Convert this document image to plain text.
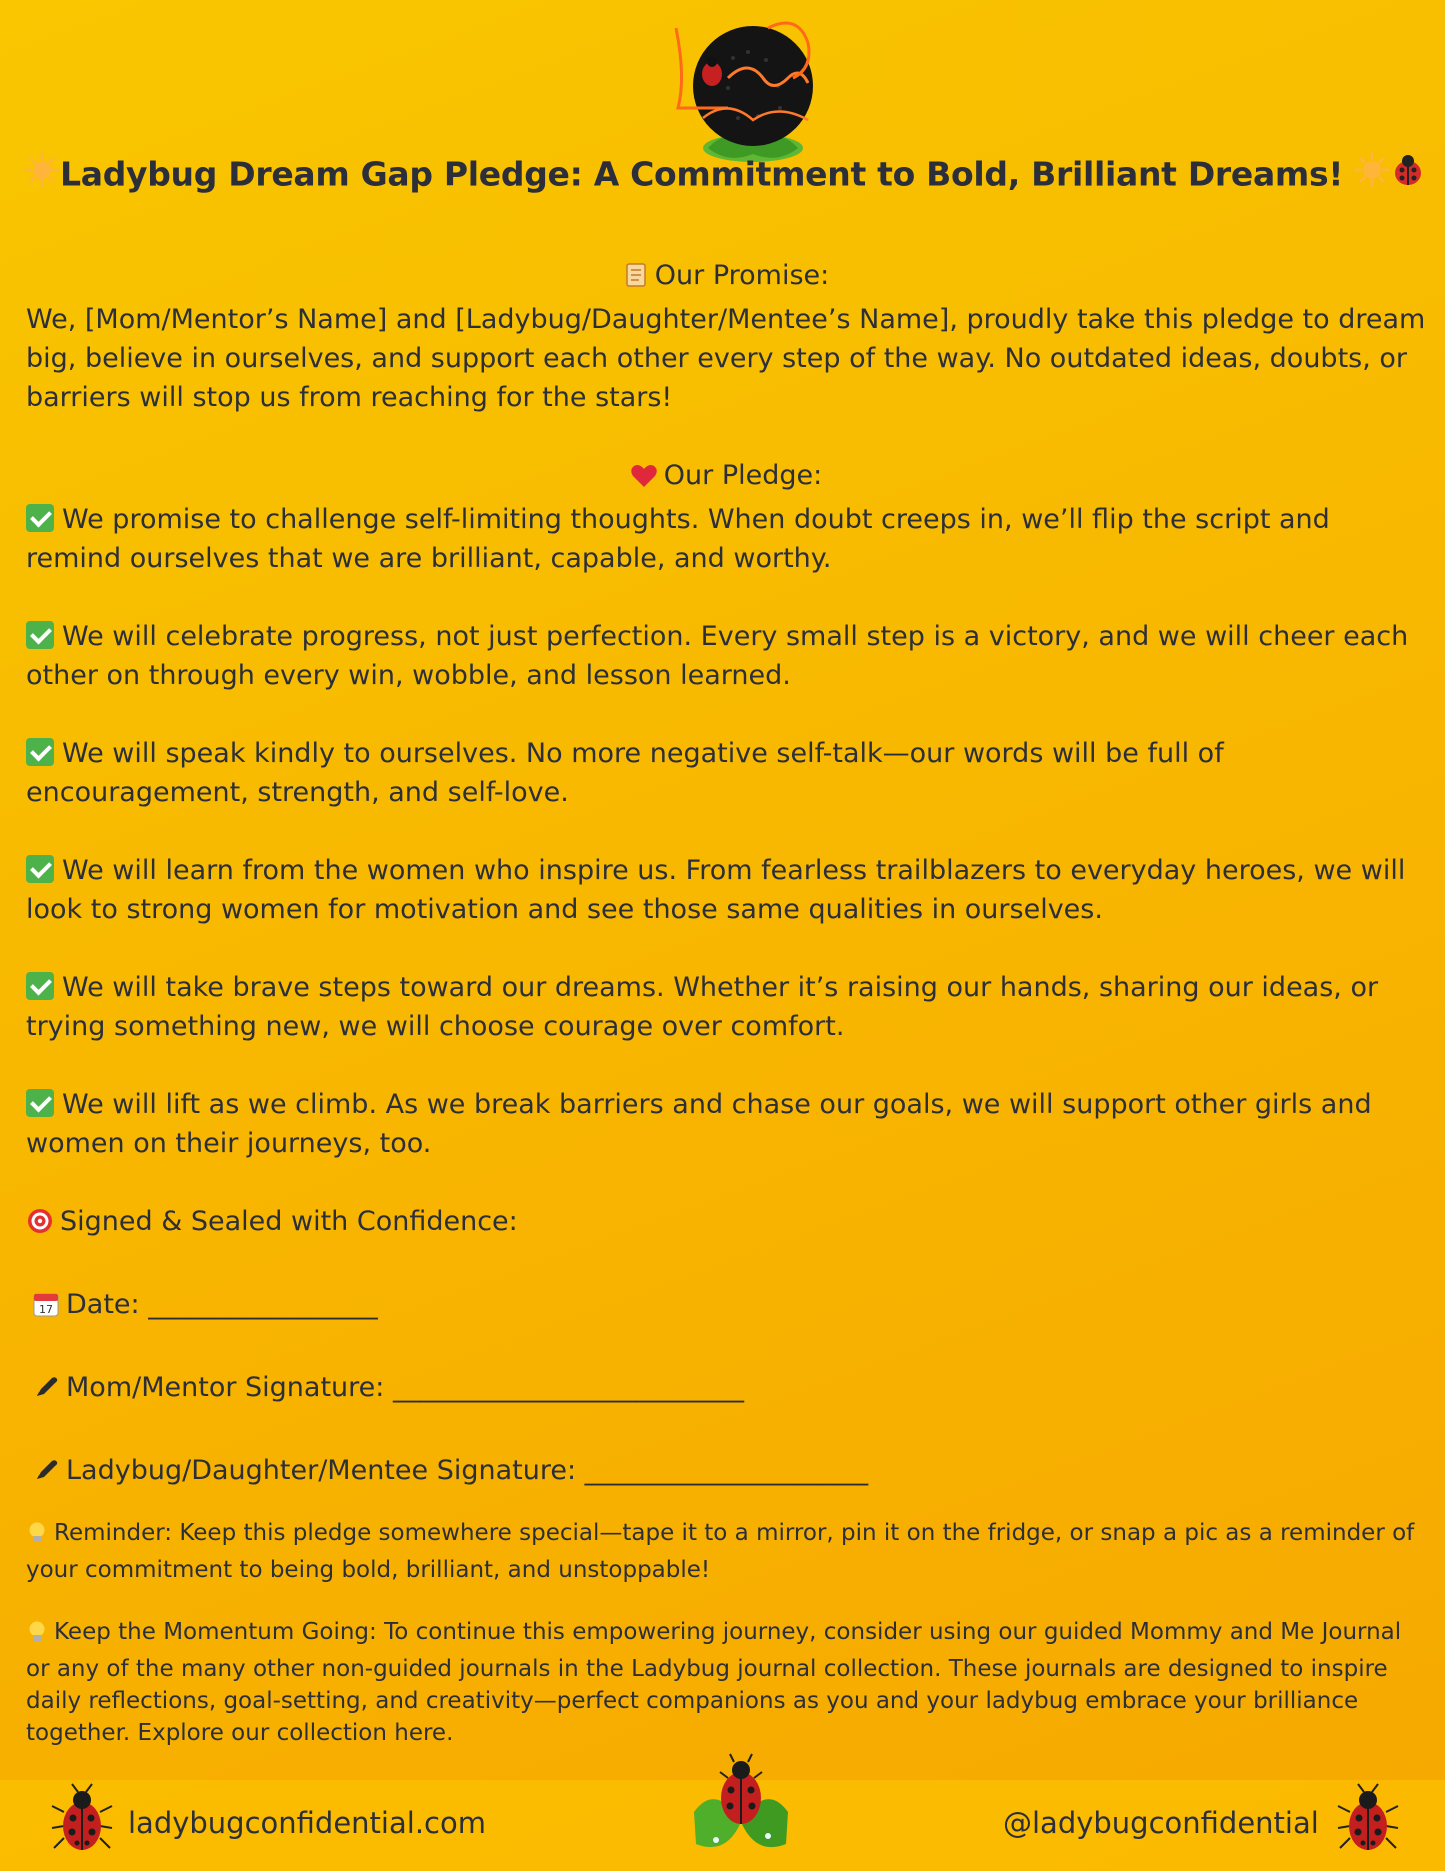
Ladybug Dream Gap Pledge: A Commitment to Bold, Brilliant Dreams!
Our Promise:

We, [Mom/Mentor’s Name] and [Ladybug/Daughter/Mentee’s Name], proudly take this pledge to dream big, believe in ourselves, and support each other every step of the way. No outdated ideas, doubts, or barriers will stop us from reaching for the stars!

Our Pledge:

We promise to challenge self-limiting thoughts. When doubt creeps in, we’ll flip the script and remind ourselves that we are brilliant, capable, and worthy.

We will celebrate progress, not just perfection. Every small step is a victory, and we will cheer each other on through every win, wobble, and lesson learned.

We will speak kindly to ourselves. No more negative self-talk—our words will be full of encouragement, strength, and self-love.

We will learn from the women who inspire us. From fearless trailblazers to everyday heroes, we will look to strong women for motivation and see those same qualities in ourselves.

We will take brave steps toward our dreams. Whether it’s raising our hands, sharing our ideas, or trying something new, we will choose courage over comfort.

We will lift as we climb. As we break barriers and chase our goals, we will support other girls and women on their journeys, too.

Signed & Sealed with Confidence:

17 Date: _________________

Mom/Mentor Signature: __________________________

Ladybug/Daughter/Mentee Signature: _____________________

Reminder: Keep this pledge somewhere special—tape it to a mirror, pin it on the fridge, or snap a pic as a reminder of your commitment to being bold, brilliant, and unstoppable!

Keep the Momentum Going: To continue this empowering journey, consider using our guided Mommy and Me Journal or any of the many other non-guided journals in the Ladybug journal collection. These journals are designed to inspire daily reflections, goal-setting, and creativity—perfect companions as you and your ladybug embrace your brilliance together. Explore our collection here.

ladybugconfidential.com	@ladybugconfidential
